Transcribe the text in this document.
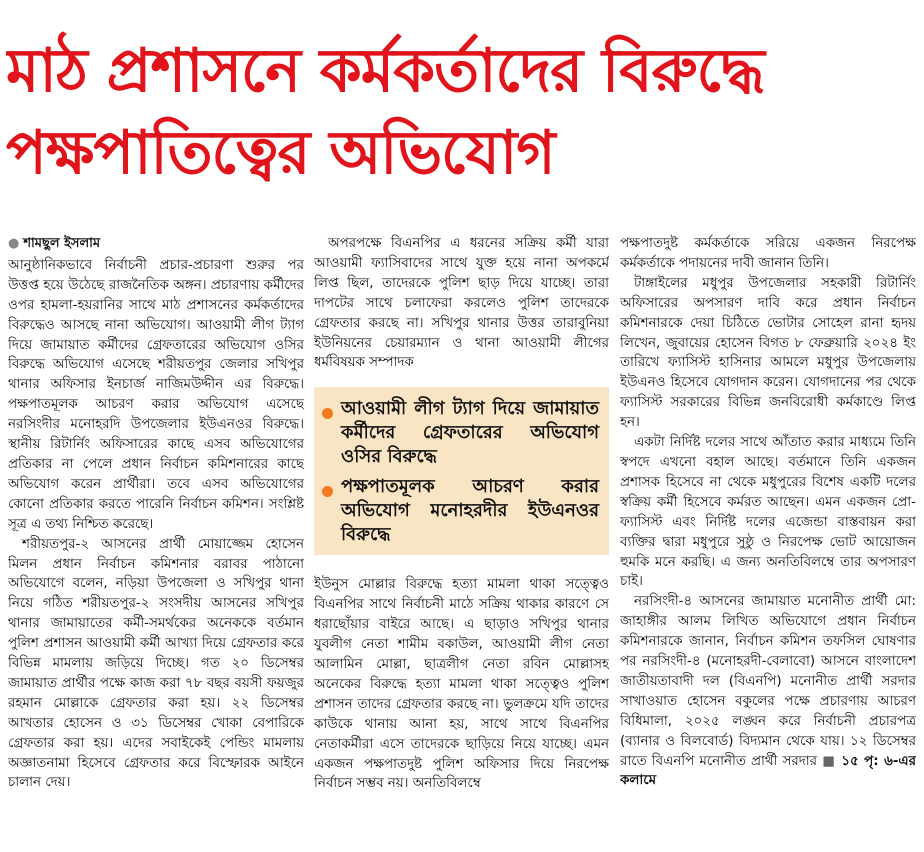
মাঠ প্রশাসনে কর্মকর্তাদের বিরুদ্ধে
পক্ষপাতিত্বের অভিযোগ
● শামছুল ইসলাম

আনুষ্ঠানিকভাবে নির্বাচনী প্রচার-প্রচারণা শুরুর পর উত্তপ্ত হয়ে উঠেছে রাজনৈতিক অঙ্গন। প্রচারণায় কর্মীদের ওপর হামলা-হয়রানির সাথে মাঠ প্রশাসনের কর্মকর্তাদের বিরুদ্ধেও আসছে নানা অভিযোগ। আওয়ামী লীগ ট্যাগ দিয়ে জামায়াত কর্মীদের গ্রেফতারের অভিযোগ ওসির বিরুদ্ধে অভিযোগ এসেছে শরীয়তপুর জেলার সখিপুর থানার অফিসার ইনচার্জ নাজিমউদ্দীন এর বিরুদ্ধে। পক্ষপাতমূলক আচরণ করার অভিযোগ এসেছে নরসিংদীর মনোহরদি উপজেলার ইউএনওর বিরুদ্ধে। স্থানীয় রিটার্নিং অফিসারের কাছে এসব অভিযোগের প্রতিকার না পেলে প্রধান নির্বাচন কমিশনারের কাছে অভিযোগ করেন প্রার্থীরা। তবে এসব অভিযোগের কোনো প্রতিকার করতে পারেনি নির্বাচন কমিশন। সংশ্লিষ্ট সূত্র এ তথ্য নিশ্চিত করেছে।

শরীয়তপুর-২ আসনের প্রার্থী মোয়াজ্জেম হোসেন মিলন প্রধান নির্বাচন কমিশনার বরাবর পাঠানো অভিযোগে বলেন, নড়িয়া উপজেলা ও সখিপুর থানা নিয়ে গঠিত শরীয়তপুর-২ সংসদীয় আসনের সখিপুর থানার জামায়াতের কর্মী-সমর্থকের অনেককে বর্তমান পুলিশ প্রশাসন আওয়ামী কর্মী আখ্যা দিয়ে গ্রেফতার করে বিভিন্ন মামলায় জড়িয়ে দিচ্ছে। গত ২০ ডিসেম্বর জামায়াত প্রার্থীর পক্ষে কাজ করা ৭৮ বছর বয়সী ফয়জুর রহমান মোল্লাকে গ্রেফতার করা হয়। ২২ ডিসেম্বর আখতার হোসেন ও ৩১ ডিসেম্বর খোকা বেপারিকে গ্রেফতার করা হয়। এদের সবাইকেই পেন্ডিং মামলায় অজ্ঞাতনামা হিসেবে গ্রেফতার করে বিস্ফোরক আইনে চালান দেয়।

অপরপক্ষে বিএনপির এ ধরনের সক্রিয় কর্মী যারা আওয়ামী ফ্যাসিবাদের সাথে যুক্ত হয়ে নানা অপকর্মে লিপ্ত ছিল, তাদেরকে পুলিশ ছাড় দিয়ে যাচ্ছে। তারা দাপটের সাথে চলাফেরা করলেও পুলিশ তাদেরকে গ্রেফতার করছে না। সখিপুর থানার উত্তর তারাবুনিয়া ইউনিয়নের চেয়ারম্যান ও থানা আওয়ামী লীগের ধর্মবিষয়ক সম্পাদক

আওয়ামী লীগ ট্যাগ দিয়ে জামায়াত কর্মীদের গ্রেফতারের অভিযোগ ওসির বিরুদ্ধে
পক্ষপাতমূলক আচরণ করার অভিযোগ মনোহরদীর ইউএনওর বিরুদ্ধে

ইউনুস মোল্লার বিরুদ্ধে হত্যা মামলা থাকা সত্ত্বেও বিএনপির সাথে নির্বাচনী মাঠে সক্রিয় থাকার কারণে সে ধরাছোঁয়ার বাইরে আছে। এ ছাড়াও সখিপুর থানার যুবলীগ নেতা শামীম বকাউল, আওয়ামী লীগ নেতা আলামিন মোল্লা, ছাত্রলীগ নেতা রবিন মোল্লাসহ অনেকের বিরুদ্ধে হত্যা মামলা থাকা সত্ত্বেও পুলিশ প্রশাসন তাদের গ্রেফতার করছে না। ভুলক্রমে যদি তাদের কাউকে থানায় আনা হয়, সাথে সাথে বিএনপির নেতাকর্মীরা এসে তাদেরকে ছাড়িয়ে নিয়ে যাচ্ছে। এমন একজন পক্ষপাতদুষ্ট পুলিশ অফিসার দিয়ে নিরপেক্ষ নির্বাচন সম্ভব নয়। অনতিবিলম্বে

পক্ষপাতদুষ্ট কর্মকর্তাকে সরিয়ে একজন নিরপেক্ষ কর্মকর্তাকে পদায়নের দাবী জানান তিনি।

টাঙ্গাইলের মধুপুর উপজেলার সহকারী রিটার্নিং অফিসারের অপসারণ দাবি করে প্রধান নির্বাচন কমিশনারকে দেয়া চিঠিতে ভোটার সোহেল রানা হৃদয় লিখেন, জুবায়ের হোসেন বিগত ৮ ফেব্রুয়ারি ২০২৪ ইং তারিখে ফ্যাসিস্ট হাসিনার আমলে মধুপুর উপজেলায় ইউএনও হিসেবে যোগদান করেন। যোগদানের পর থেকে ফ্যাসিস্ট সরকারের বিভিন্ন জনবিরোধী কর্মকাণ্ডে লিপ্ত হন।

একটা নির্দিষ্ট দলের সাথে আঁতাত করার মাধ্যমে তিনি স্বপদে এখনো বহাল আছে। বর্তমানে তিনি একজন প্রশাসক হিসেবে না থেকে মধুপুরের বিশেষ একটি দলের স্বক্রিয় কর্মী হিসেবে কর্মরত আছেন। এমন একজন প্রো-ফ্যাসিস্ট এবং নির্দিষ্ট দলের এজেন্ডা বাস্তবায়ন করা ব্যক্তির দ্বারা মধুপুরে সুষ্ঠু ও নিরপেক্ষ ভোট আয়োজন হুমকি মনে করছি। এ জন্য অনতিবিলম্বে তার অপসারণ চাই।

নরসিংদী-৪ আসনের জামায়াত মনোনীত প্রার্থী মো: জাহাঙ্গীর আলম লিখিত অভিযোগে প্রধান নির্বাচন কমিশনারকে জানান, নির্বাচন কমিশন তফসিল ঘোষণার পর নরসিংদী-৪ (মনোহরদী-বেলাবো) আসনে বাংলাদেশ জাতীয়তাবাদী দল (বিএনপি) মনোনীত প্রার্থী সরদার সাখাওয়াত হোসেন বকুলের পক্ষে প্রচারণায় আচরণ বিধিমালা, ২০২৫ লঙ্ঘন করে নির্বাচনী প্রচারপত্র (ব্যানার ও বিলবোর্ড) বিদ্যমান থেকে যায়। ১২ ডিসেম্বর রাতে বিএনপি মনোনীত প্রার্থী সরদার ■ ১৫ পৃ: ৬-এর কলামে
